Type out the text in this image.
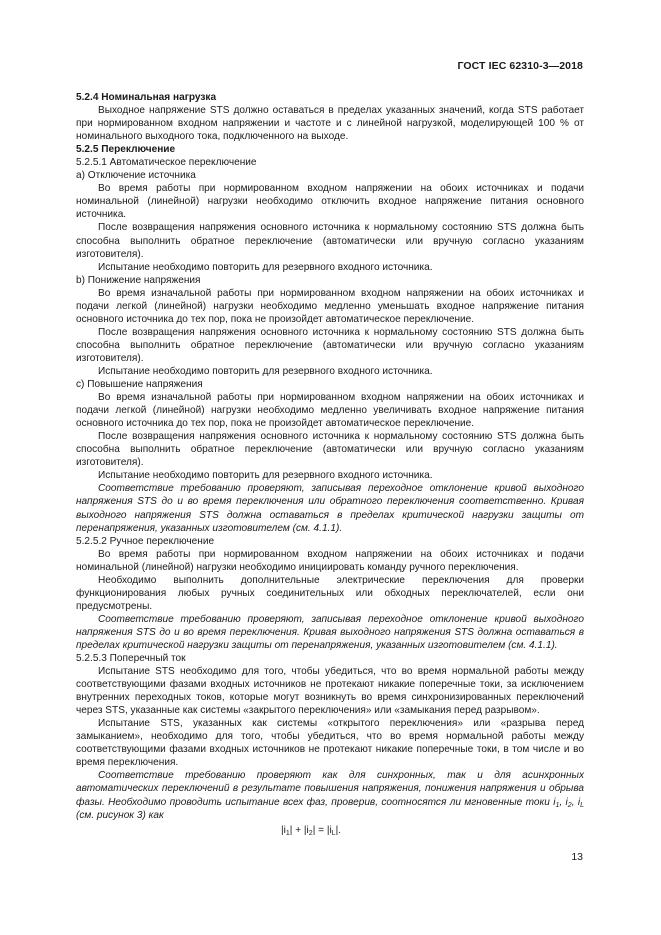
ГОСТ IEC 62310-3—2018

5.2.4 Номинальная нагрузка

Выходное напряжение STS должно оставаться в пределах указанных значений, когда STS работает при нормированном входном напряжении и частоте и с линейной нагрузкой, моделирующей 100 % от номинального выходного тока, подключенного на выходе.

5.2.5 Переключение

5.2.5.1 Автоматическое переключение

a) Отключение источника

Во время работы при нормированном входном напряжении на обоих источниках и подачи номинальной (линейной) нагрузки необходимо отключить входное напряжение питания основного источника.

После возвращения напряжения основного источника к нормальному состоянию STS должна быть способна выполнить обратное переключение (автоматически или вручную согласно указаниям изготовителя).

Испытание необходимо повторить для резервного входного источника.

b) Понижение напряжения

Во время изначальной работы при нормированном входном напряжении на обоих источниках и подачи легкой (линейной) нагрузки необходимо медленно уменьшать входное напряжение питания основного источника до тех пор, пока не произойдет автоматическое переключение.

После возвращения напряжения основного источника к нормальному состоянию STS должна быть способна выполнить обратное переключение (автоматически или вручную согласно указаниям изготовителя).

Испытание необходимо повторить для резервного входного источника.

c) Повышение напряжения

Во время изначальной работы при нормированном входном напряжении на обоих источниках и подачи легкой (линейной) нагрузки необходимо медленно увеличивать входное напряжение питания основного источника до тех пор, пока не произойдет автоматическое переключение.

После возвращения напряжения основного источника к нормальному состоянию STS должна быть способна выполнить обратное переключение (автоматически или вручную согласно указаниям изготовителя).

Испытание необходимо повторить для резервного входного источника.

Соответствие требованию проверяют, записывая переходное отклонение кривой выходного напряжения STS до и во время переключения или обратного переключения соответственно. Кривая выходного напряжения STS должна оставаться в пределах критической нагрузки защиты от перенапряжения, указанных изготовителем (см. 4.1.1).

5.2.5.2 Ручное переключение

Во время работы при нормированном входном напряжении на обоих источниках и подачи номинальной (линейной) нагрузки необходимо инициировать команду ручного переключения.

Необходимо выполнить дополнительные электрические переключения для проверки функционирования любых ручных соединительных или обходных переключателей, если они предусмотрены.

Соответствие требованию проверяют, записывая переходное отклонение кривой выходного напряжения STS до и во время переключения. Кривая выходного напряжения STS должна оставаться в пределах критической нагрузки защиты от перенапряжения, указанных изготовителем (см. 4.1.1).

5.2.5.3 Поперечный ток

Испытание STS необходимо для того, чтобы убедиться, что во время нормальной работы между соответствующими фазами входных источников не протекают никакие поперечные токи, за исключением внутренних переходных токов, которые могут возникнуть во время синхронизированных переключений через STS, указанные как системы «закрытого переключения» или «замыкания перед разрывом».

Испытание STS, указанных как системы «открытого переключения» или «разрыва перед замыканием», необходимо для того, чтобы убедиться, что во время нормальной работы между соответствующими фазами входных источников не протекают никакие поперечные токи, в том числе и во время переключения.

Соответствие требованию проверяют как для синхронных, так и для асинхронных автоматических переключений в результате повышения напряжения, понижения напряжения и обрыва фазы. Необходимо проводить испытание всех фаз, проверив, соотносятся ли мгновенные токи $i_1$, $i_2$, $i_L$ (см. рисунок 3) как

$|i_1| + |i_2| = |i_L|$.
13
